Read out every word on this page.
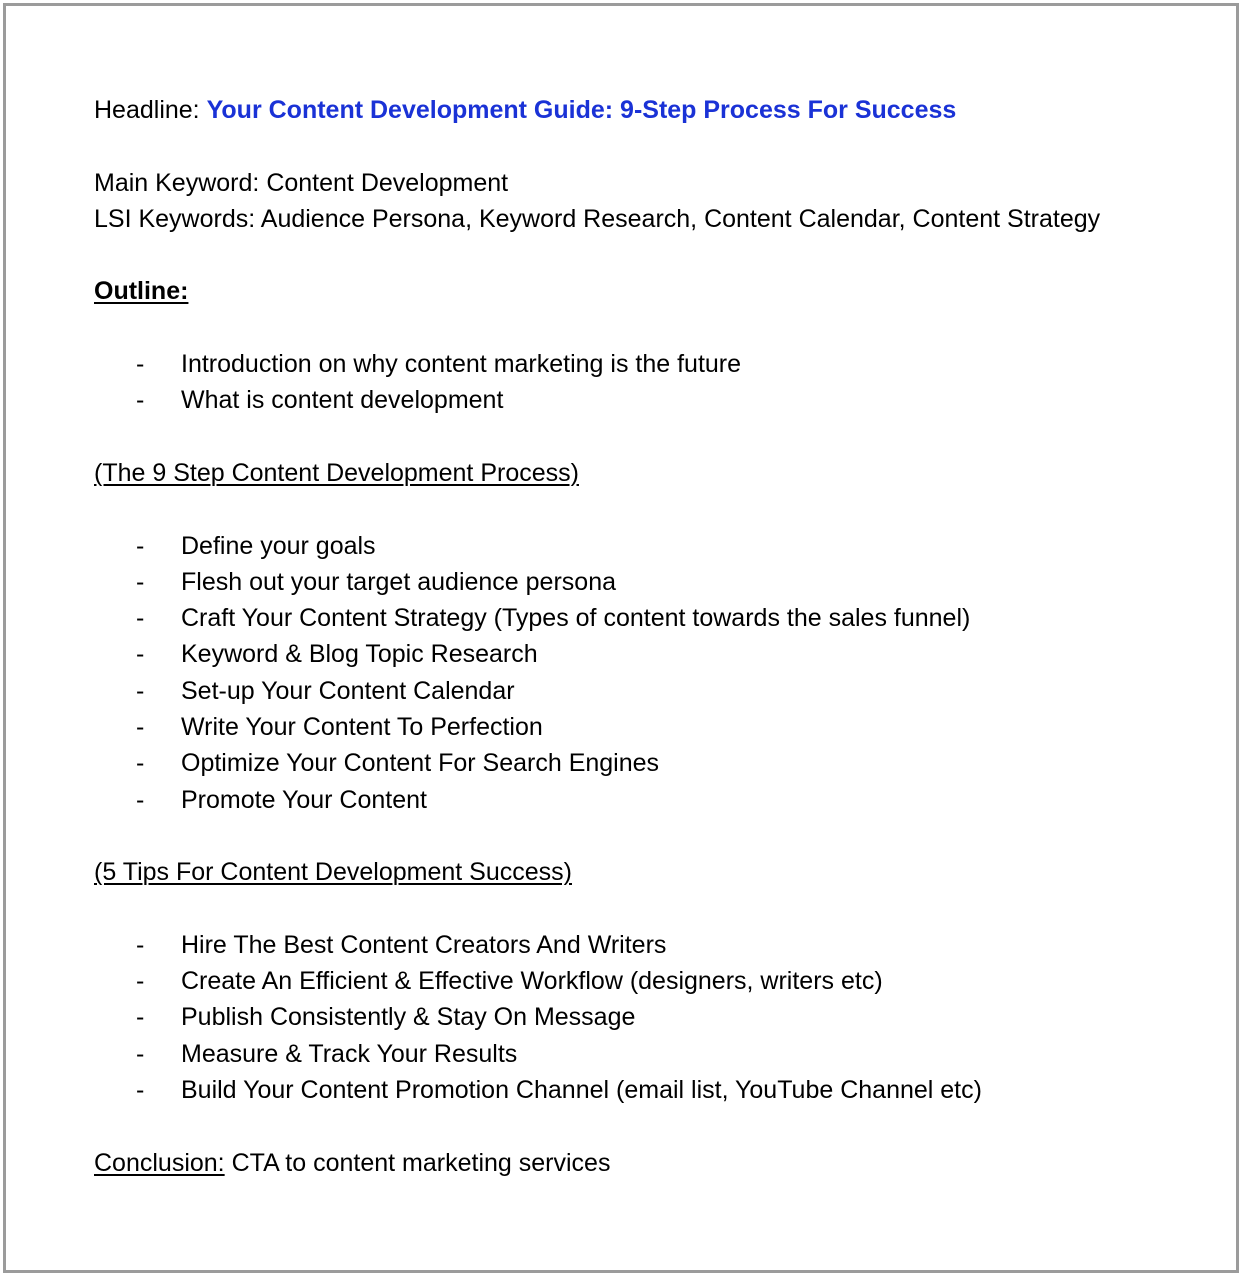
Headline: Your Content Development Guide: 9-Step Process For Success

Main Keyword: Content Development

LSI Keywords: Audience Persona, Keyword Research, Content Calendar, Content Strategy

Outline:

- Introduction on why content marketing is the future
- What is content development

(The 9 Step Content Development Process)

- Define your goals
- Flesh out your target audience persona
- Craft Your Content Strategy (Types of content towards the sales funnel)
- Keyword & Blog Topic Research
- Set-up Your Content Calendar
- Write Your Content To Perfection
- Optimize Your Content For Search Engines
- Promote Your Content

(5 Tips For Content Development Success)

- Hire The Best Content Creators And Writers
- Create An Efficient & Effective Workflow (designers, writers etc)
- Publish Consistently & Stay On Message
- Measure & Track Your Results
- Build Your Content Promotion Channel (email list, YouTube Channel etc)

Conclusion: CTA to content marketing services
